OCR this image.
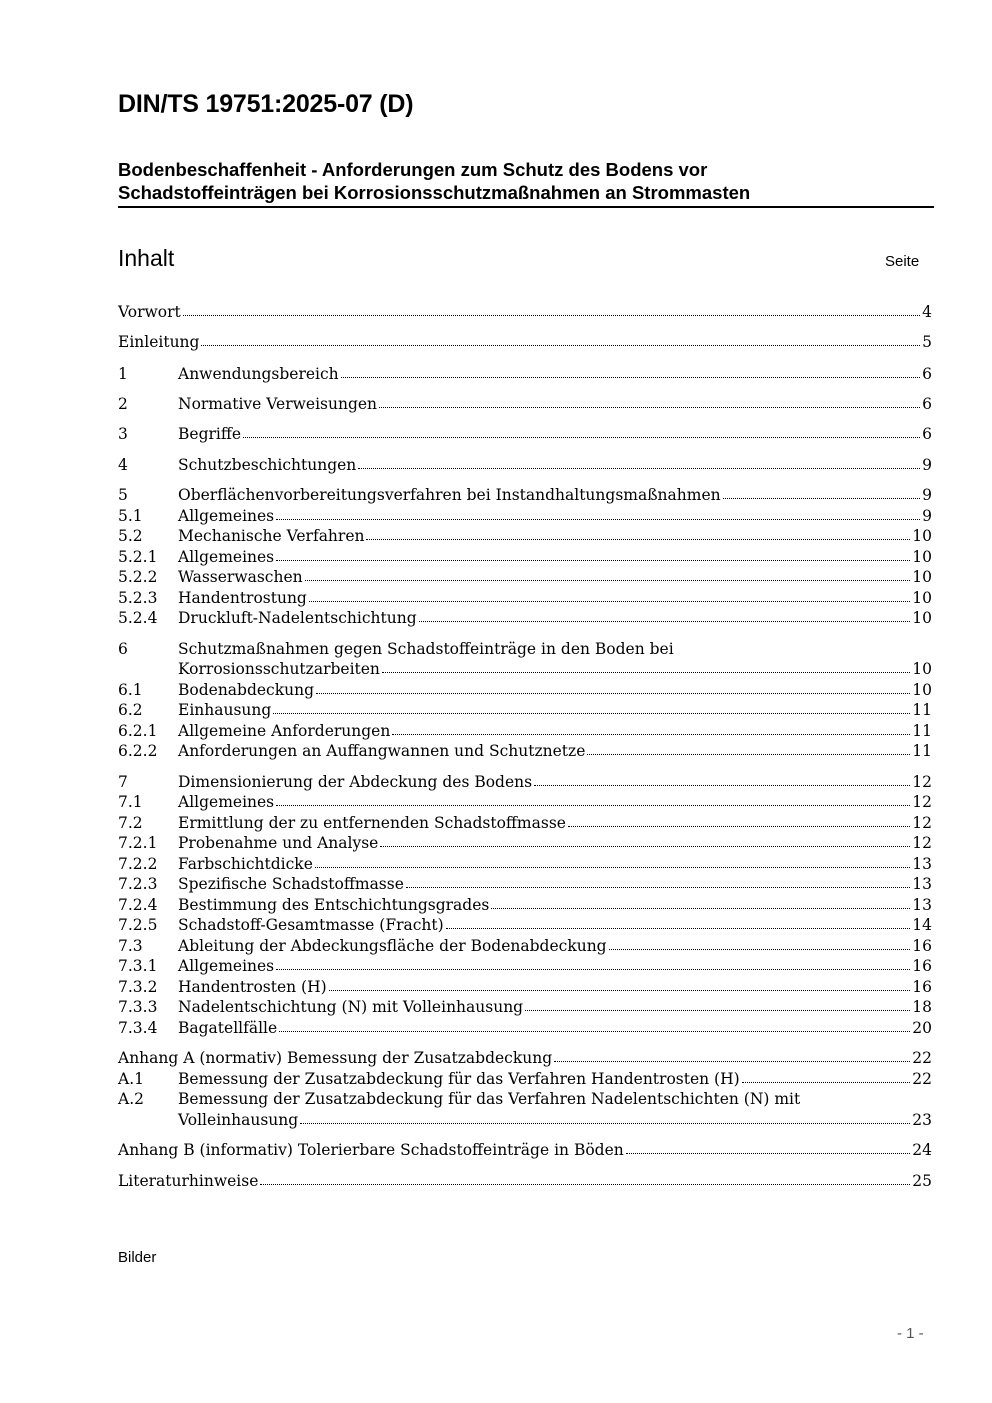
DIN/TS 19751:2025-07 (D)
Bodenbeschaffenheit - Anforderungen zum Schutz des Bodens vor
Schadstoffeinträgen bei Korrosionsschutzmaßnahmen an Strommasten
Inhalt	Seite
Vorwort	4
Einleitung	5
1	Anwendungsbereich	6
2	Normative Verweisungen	6
3	Begriffe	6
4	Schutzbeschichtungen	9
5	Oberflächenvorbereitungsverfahren bei Instandhaltungsmaßnahmen	9
5.1 Allgemeines	9
5.2 Mechanische Verfahren	10
5.2.1 Allgemeines	10
5.2.2 Wasserwaschen	10
5.2.3 Handentrostung	10
5.2.4 Druckluft-Nadelentschichtung	10
6	Schutzmaßnahmen gegen Schadstoffeinträge in den Boden bei
Korrosionsschutzarbeiten	10
6.1 Bodenabdeckung	10
6.2 Einhausung	11
6.2.1 Allgemeine Anforderungen	11
6.2.2 Anforderungen an Auffangwannen und Schutznetze	11
7	Dimensionierung der Abdeckung des Bodens	12
7.1 Allgemeines	12
7.2 Ermittlung der zu entfernenden Schadstoffmasse	12
7.2.1 Probenahme und Analyse	12
7.2.2 Farbschichtdicke	13
7.2.3 Spezifische Schadstoffmasse	13
7.2.4 Bestimmung des Entschichtungsgrades	13
7.2.5 Schadstoff-Gesamtmasse (Fracht)	14
7.3 Ableitung der Abdeckungsfläche der Bodenabdeckung	16
7.3.1 Allgemeines	16
7.3.2 Handentrosten (H)	16
7.3.3 Nadelentschichtung (N) mit Volleinhausung	18
7.3.4 Bagatellfälle	20
Anhang A (normativ) Bemessung der Zusatzabdeckung	22
A.1 Bemessung der Zusatzabdeckung für das Verfahren Handentrosten (H)	22
A.2 Bemessung der Zusatzabdeckung für das Verfahren Nadelentschichten (N) mit
Volleinhausung	23
Anhang B (informativ) Tolerierbare Schadstoffeinträge in Böden	24
Literaturhinweise	25
Bilder
- 1 -
